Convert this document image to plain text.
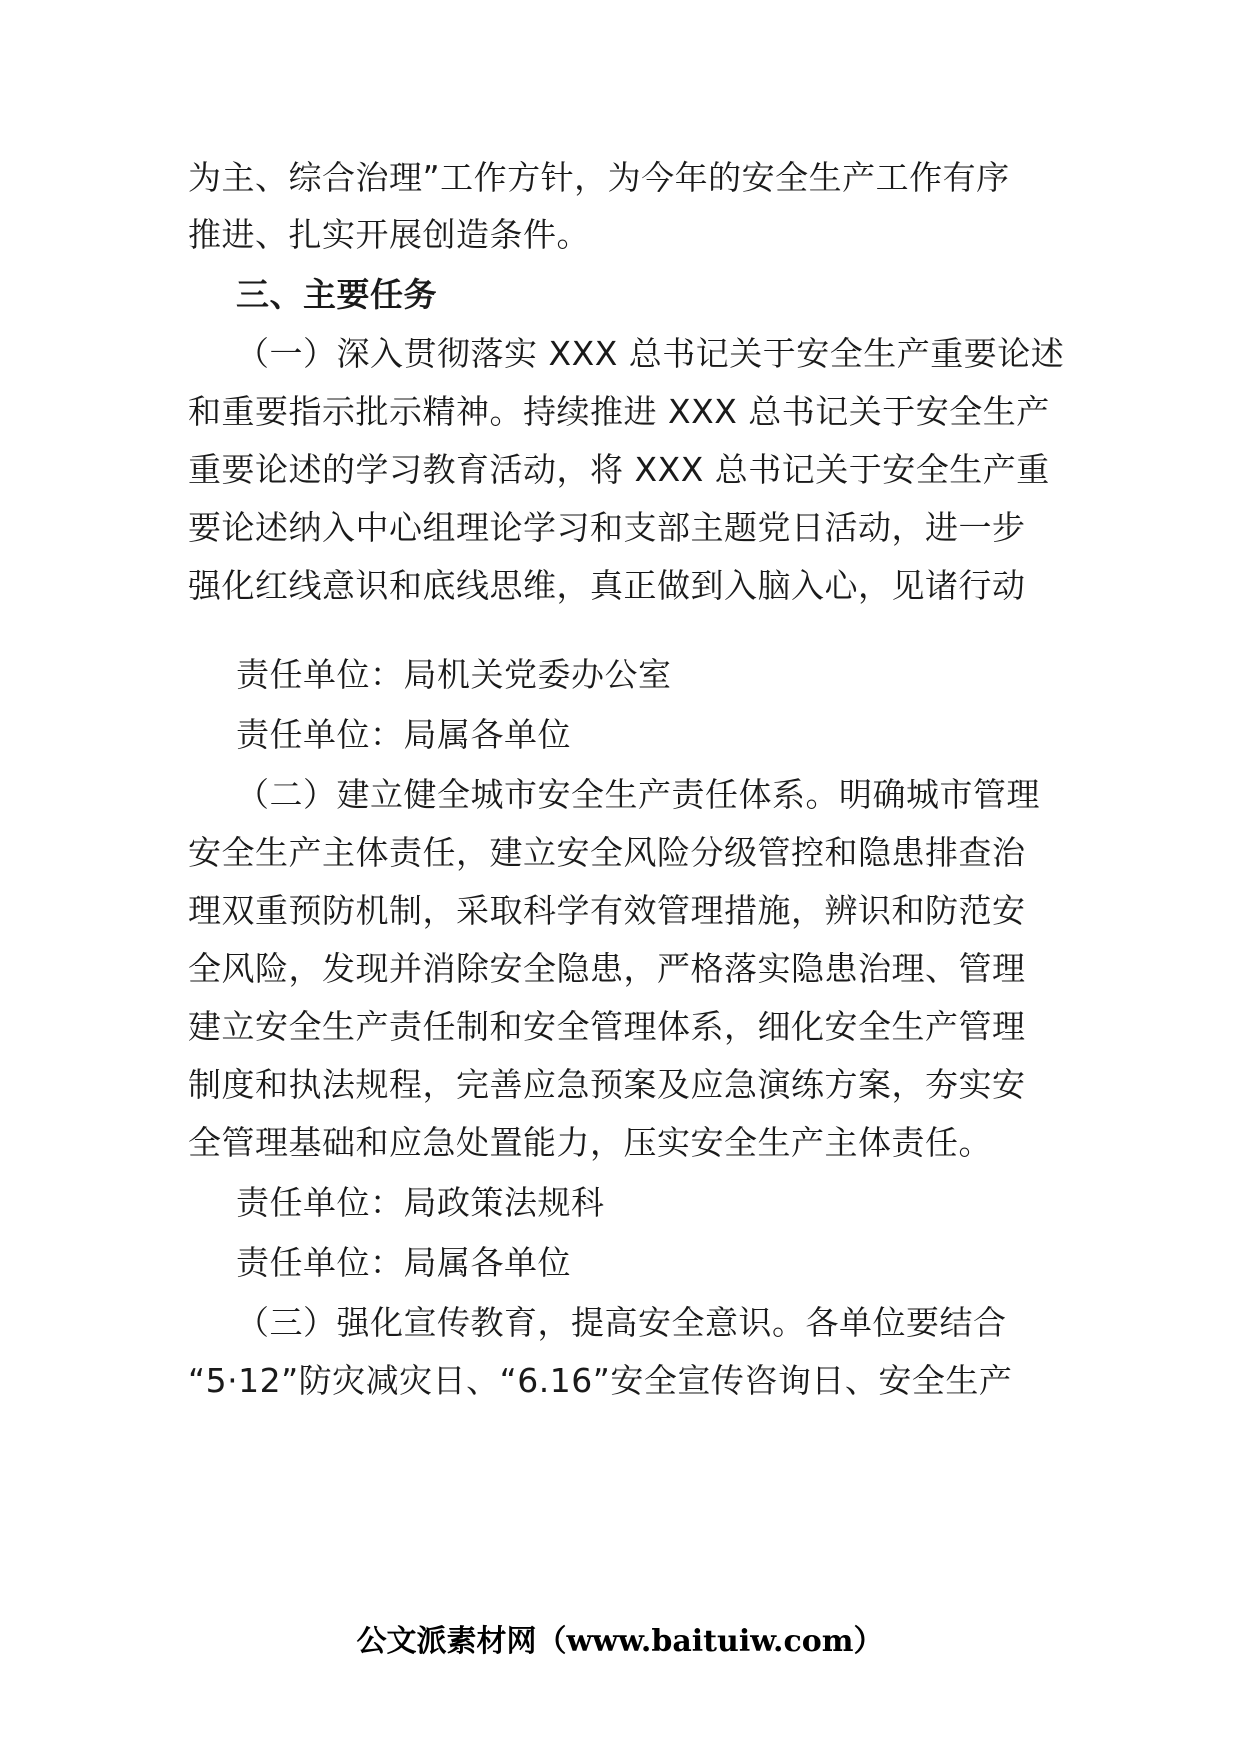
为主、综合治理”工作方针，为今年的安全生产工作有序
推进、扎实开展创造条件。
三、主要任务
（一）深入贯彻落实 XXX 总书记关于安全生产重要论述
和重要指示批示精神。持续推进 XXX 总书记关于安全生产
重要论述的学习教育活动，将 XXX 总书记关于安全生产重
要论述纳入中心组理论学习和支部主题党日活动，进一步
强化红线意识和底线思维，真正做到入脑入心，见诸行动
责任单位：局机关党委办公室
责任单位：局属各单位
（二）建立健全城市安全生产责任体系。明确城市管理
安全生产主体责任，建立安全风险分级管控和隐患排查治
理双重预防机制，采取科学有效管理措施，辨识和防范安
全风险，发现并消除安全隐患，严格落实隐患治理、管理
建立安全生产责任制和安全管理体系，细化安全生产管理
制度和执法规程，完善应急预案及应急演练方案，夯实安
全管理基础和应急处置能力，压实安全生产主体责任。
责任单位：局政策法规科
责任单位：局属各单位
（三）强化宣传教育，提高安全意识。各单位要结合
“5·12”防灾减灾日、“6.16”安全宣传咨询日、安全生产
公文派素材网（www.baituiw.com）
